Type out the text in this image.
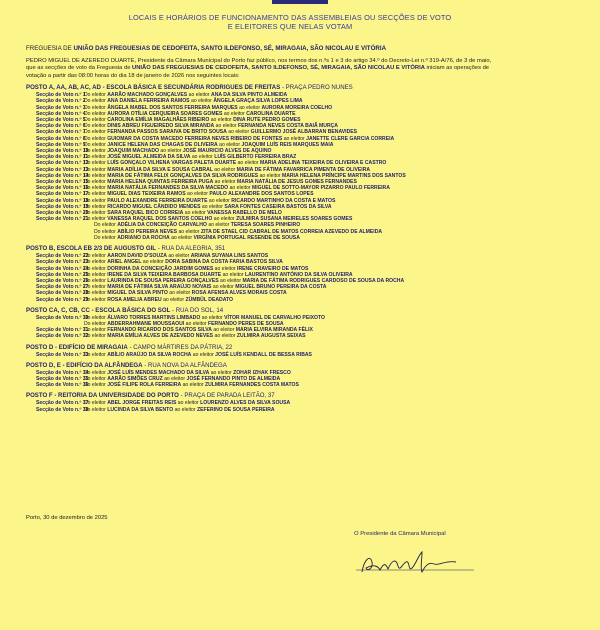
LOCAIS E HORÁRIOS DE FUNCIONAMENTO DAS ASSEMBLEIAS OU SECÇÕES DE VOTO
E ELEITORES QUE NELAS VOTAM
FREGUESIA DE UNIÃO DAS FREGUESIAS DE CEDOFEITA, SANTO ILDEFONSO, SÉ, MIRAGAIA, SÃO NICOLAU E VITÓRIA
PEDRO MIGUEL DE AZEREDO DUARTE, Presidente da Câmara Municipal do Porto faz público, nos termos dos n.ºs 1 e 3 do artigo 34.º do Decreto-Lei n.º 319-A/76, de 3 de maio,
que as secções de voto da Freguesia de UNIÃO DAS FREGUESIAS DE CEDOFEITA, SANTO ILDEFONSO, SÉ, MIRAGAIA, SÃO NICOLAU E VITÓRIA iniciam as operações de
votação a partir das 08:00 horas do dia 18 de janeiro de 2026 nos seguintes locais:
POSTO A, AA, AB, AC, AD - ESCOLA BÁSICA E SECUNDÁRIA RODRIGUES DE FREITAS - PRAÇA PEDRO NUNES
Secção de Voto n.º 1
Do eleitor AARÃO MACHADO GONÇALVES ao eleitor ANA DA SILVA PINTO ALMEIDA
Secção de Voto n.º 2
Do eleitor ANA DANIELA FERREIRA RAMOS ao eleitor ÂNGELA GRAÇA SILVA LOPES LIMA
Secção de Voto n.º 3
Do eleitor ÂNGELA MABEL DOS SANTOS FERREIRA MARQUES ao eleitor AURORA MOREIRA COELHO
Secção de Voto n.º 4
Do eleitor AURORA OTÍLIA CERQUEIRA SOARES GOMES ao eleitor CAROLINA DUARTE
Secção de Voto n.º 5
Do eleitor CAROLINA EMÍLIA MAGALHÃES RIBEIRO ao eleitor DINA RUTE PEDRO GOMES
Secção de Voto n.º 6
Do eleitor DINIS ABREU FIGUEIREDO SILVA MIRANDA ao eleitor FERNANDA NEVES COSTA BAIÃ MURÇA
Secção de Voto n.º 7
Do eleitor FERNANDA PASSOS SARAIVA DE BRITO SOUSA ao eleitor GUILLERMO JOSÉ ALBARRAN BENAVIDES
Secção de Voto n.º 8
Do eleitor GUIOMAR DA COSTA MACEDO FERREIRA NEVES RIBEIRO DE FONTES ao eleitor JANETTE CLERE GARCIA CORREIA
Secção de Voto n.º 9
Do eleitor JANICE HELENA DAS CHAGAS DE OLIVEIRA ao eleitor JOAQUIM LUÍS REIS MARQUES MAIA
Secção de Voto n.º 10
Do eleitor JOAQUIM MACHADO ao eleitor JOSÉ MAURICIO ALVES DE AQUINO
Secção de Voto n.º 11
Do eleitor JOSÉ MIGUEL ALMEIDA DA SILVA ao eleitor LUÍS GILBERTO FERREIRA BRAZ
Secção de Voto n.º 12
Do eleitor LUÍS GONÇALO VILHENA VARGAS PALETA DUARTE ao eleitor MARIA ADELINA TEIXEIRA DE OLIVEIRA E CASTRO
Secção de Voto n.º 13
Do eleitor MARIA ADÍLIA DA SILVA E SOUSA CABRAL ao eleitor MARIA DE FÁTIMA FAVARRICA PIMENTA DE OLIVEIRA
Secção de Voto n.º 14
Do eleitor MARIA DE FÁTIMA FELIX GONÇALVES DA SILVA RODRIGUES ao eleitor MARIA HELENA PRÍNCIPE MARTINS DOS SANTOS
Secção de Voto n.º 15
Do eleitor MARIA HELENA QUINTAS FERREIRA PUGA ao eleitor MARIA NATÁLIA DE JESUS GOMES FERNANDES
Secção de Voto n.º 16
Do eleitor MARIA NATÁLIA FERNANDES DA SILVA MACEDO ao eleitor MIGUEL DE SOTTO-MAYOR PIZARRO PAULO FERREIRA
Secção de Voto n.º 17
Do eleitor MIGUEL DIAS TEIXEIRA RAMOS ao eleitor PAULO ALEXANDRE DOS SANTOS LOPES
Secção de Voto n.º 18
Do eleitor PAULO ALEXANDRE FERREIRA DUARTE ao eleitor RICARDO MARTINHO DA COSTA E MATOS
Secção de Voto n.º 19
Do eleitor RICARDO MIGUEL CÂNDIDO MENDES ao eleitor SARA FONTES CASEIRA BASTOS DA SILVA
Secção de Voto n.º 20
Do eleitor SARA RAQUEL BICO CORREIA ao eleitor VANESSA RABELLO DE MELO
Secção de Voto n.º 21
Do eleitor VANESSA RAQUEL DOS SANTOS COELHO ao eleitor ZULMIRA SUSANA MEIRELES SOARES GOMES
Do eleitor ADÉLIA DA CONCEIÇÃO CARVALHO ao eleitor TERESA SOARES PINHEIRO
Do eleitor ABÍLIO PEREIRA NEVES ao eleitor ZITA DE STAEL CID CABRAL DE MATOS CORREIA AZEVEDO DE ALMEIDA
Do eleitor ADRIANO DA ROCHA ao eleitor VIRGÍNIA PORTUGAL RESENDE DE SOUSA
POSTO B, ESCOLA EB 2/3 DE AUGUSTO GIL - RUA DA ALEGRIA, 351
Secção de Voto n.º 22
Do eleitor AARON DAVID D'SOUZA ao eleitor ARIANA SUYANA LINS SANTOS
Secção de Voto n.º 23
Do eleitor ARIEL ANGEL ao eleitor DORA SABINA DA COSTA FARIA BASTOS SILVA
Secção de Voto n.º 24
Do eleitor DORINHA DA CONCEIÇÃO JARDIM GOMES ao eleitor IRENE CRAVEIRO DE MATOS
Secção de Voto n.º 25
Do eleitor IRENE DA SILVA TEIXEIRA BARBOSA DUARTE ao eleitor LAURENTINO ANTÓNIO DA SILVA OLIVEIRA
Secção de Voto n.º 26
Do eleitor LAURINDA DE SOUSA PEREIRA GONÇALVES ao eleitor MARIA DE FÁTIMA RODRIGUES CARDOSO DE SOUSA DA ROCHA
Secção de Voto n.º 27
Do eleitor MARIA DE FÁTIMA SILVA ARAÚJO NOVAIS ao eleitor MIGUEL BRUNO PEREIRA DA COSTA
Secção de Voto n.º 28
Do eleitor MIGUEL DA SILVA PINTO ao eleitor ROSA AFENSA ALVES MORAIS COSTA
Secção de Voto n.º 29
Do eleitor ROSA AMELIA ABREU ao eleitor ZÜMBÜL DEADATO
POSTO CA, C, CB, CC - ESCOLA BÁSICA DO SOL - RUA DO SOL, 14
Secção de Voto n.º 30
Do eleitor ÁLVARO TORRES MARTINS LIMBADO ao eleitor VÍTOR MANUEL DE CARVALHO PEIXOTO
Do eleitor ABDERRAHMANE MOUSSAOUI ao eleitor FERNANDO PERES DE SOUSA
Secção de Voto n.º 31
Do eleitor FERNANDO RICARDO DOS SANTOS SILVA ao eleitor MARIA ELVIRA MIRANDA FÉLIX
Secção de Voto n.º 32
Do eleitor MARIA EMÍLIA ALVES DE AZEVEDO NEVES ao eleitor ZULMIRA AUGUSTA SEIXAS
POSTO D - EDIFÍCIO DE MIRAGAIA - CAMPO MÁRTIRES DA PÁTRIA, 22
Secção de Voto n.º 33
Do eleitor ABÍLIO ARAÚJO DA SILVA ROCHA ao eleitor JOSÉ LUÍS KENDALL DE BESSA RIBAS
POSTO D, E - EDIFÍCIO DA ALFÂNDEGA - RUA NOVA DA ALFÂNDEGA
Secção de Voto n.º 34
Do eleitor JOSÉ LUÍS MENDES MACHADO DA SILVA ao eleitor ZOHAR IZHAK FRESCO
Secção de Voto n.º 35
Do eleitor AARÃO SIMÕES CRUZ ao eleitor JOSÉ FERNANDO PINTO DE ALMEIDA
Secção de Voto n.º 36
Do eleitor JOSÉ FILIPE ROLA FERREIRA ao eleitor ZULMIRA FERNANDES COSTA MATOS
POSTO F - REITORIA DA UNIVERSIDADE DO PORTO - PRAÇA DE PARADA LEITÃO, 37
Secção de Voto n.º 37
Do eleitor ABEL JORGE FREITAS REIS ao eleitor LOURENZO ALVES DA SILVA SOUSA
Secção de Voto n.º 38
Do eleitor LUCINDA DA SILVA BENTO ao eleitor ZEFERINO DE SOUSA PEREIRA
Porto, 30 de dezembro de 2025
O Presidente da Câmara Municipal
